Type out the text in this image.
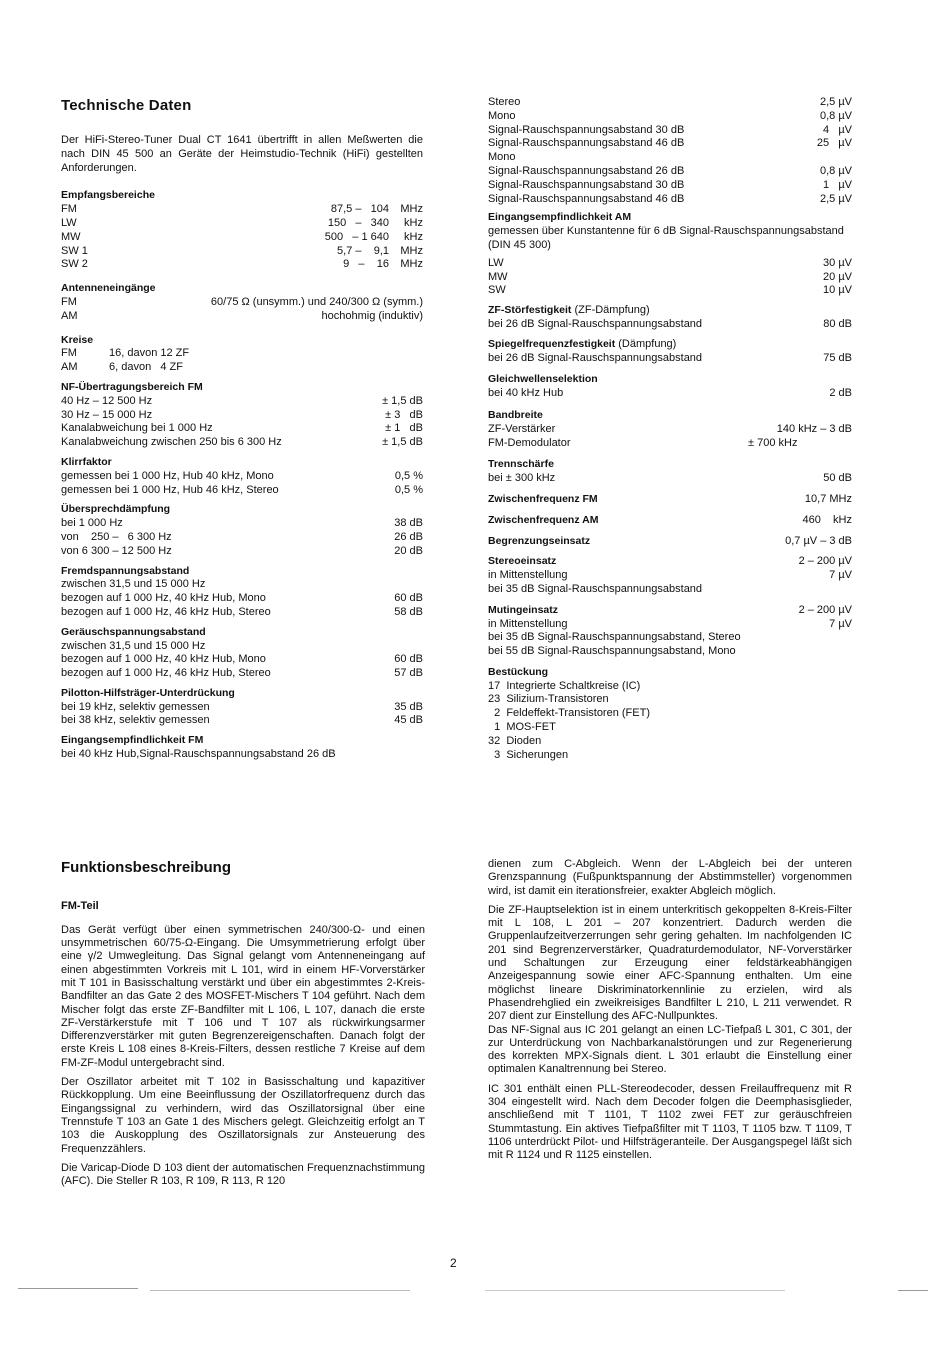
Technische Daten

Der HiFi-Stereo-Tuner Dual CT 1641 übertrifft in allen Meßwerten die nach DIN 45 500 an Geräte der Heimstudio-Technik (HiFi) gestellten Anforderungen.

Empfangsbereiche
FM	87,5 –   104	MHz
LW	150   –   340	kHz
MW	500   – 1 640	kHz
SW 1	5,7 –    9,1	MHz
SW 2	9   –    16	MHz
Antenneneingänge
FM	60/75 Ω (unsymm.) und 240/300 Ω (symm.)
AM	hochohmig (induktiv)
Kreise
FM	16, davon 12 ZF
AM	6, davon   4 ZF
NF-Übertragungsbereich FM
40 Hz – 12 500 Hz	± 1,5 dB
30 Hz – 15 000 Hz	± 3   dB
Kanalabweichung bei 1 000 Hz	± 1   dB
Kanalabweichung zwischen 250 bis 6 300 Hz	± 1,5 dB
Klirrfaktor
gemessen bei 1 000 Hz, Hub 40 kHz, Mono	0,5 %
gemessen bei 1 000 Hz, Hub 46 kHz, Stereo	0,5 %
Übersprechdämpfung
bei 1 000 Hz	38 dB
von    250 –   6 300 Hz	26 dB
von 6 300 – 12 500 Hz	20 dB
Fremdspannungsabstand
zwischen 31,5 und 15 000 Hz
bezogen auf 1 000 Hz, 40 kHz Hub, Mono	60 dB
bezogen auf 1 000 Hz, 46 kHz Hub, Stereo	58 dB
Geräuschspannungsabstand
zwischen 31,5 und 15 000 Hz
bezogen auf 1 000 Hz, 40 kHz Hub, Mono	60 dB
bezogen auf 1 000 Hz, 46 kHz Hub, Stereo	57 dB
Pilotton-Hilfsträger-Unterdrückung
bei 19 kHz, selektiv gemessen	35 dB
bei 38 kHz, selektiv gemessen	45 dB
Eingangsempfindlichkeit FM
bei 40 kHz Hub,Signal-Rauschspannungsabstand 26 dB
Stereo	2,5 µV
Mono	0,8 µV
Signal-Rauschspannungsabstand 30 dB	4   µV
Signal-Rauschspannungsabstand 46 dB	25   µV
Mono
Signal-Rauschspannungsabstand 26 dB	0,8 µV
Signal-Rauschspannungsabstand 30 dB	1   µV
Signal-Rauschspannungsabstand 46 dB	2,5 µV
Eingangsempfindlichkeit AM
gemessen über Kunstantenne für 6 dB Signal-Rauschspannungsabstand (DIN 45 300)
LW	30 µV
MW	20 µV
SW	10 µV
ZF-Störfestigkeit (ZF-Dämpfung)
bei 26 dB Signal-Rauschspannungsabstand	80 dB
Spiegelfrequenzfestigkeit (Dämpfung)
bei 26 dB Signal-Rauschspannungsabstand	75 dB
Gleichwellenselektion
bei 40 kHz Hub	2 dB
Bandbreite
ZF-Verstärker	140 kHz – 3 dB
FM-Demodulator	± 700 kHz
Trennschärfe
bei ± 300 kHz	50 dB
Zwischenfrequenz FM	10,7 MHz
Zwischenfrequenz AM	460    kHz
Begrenzungseinsatz	0,7 µV – 3 dB
Stereoeinsatz	2 – 200 µV
in Mittenstellung	7 µV
bei 35 dB Signal-Rauschspannungsabstand
Mutingeinsatz	2 – 200 µV
in Mittenstellung	7 µV
bei 35 dB Signal-Rauschspannungsabstand, Stereo
bei 55 dB Signal-Rauschspannungsabstand, Mono
Bestückung
17  Integrierte Schaltkreise (IC)
23  Silizium-Transistoren
2  Feldeffekt-Transistoren (FET)
1  MOS-FET
32  Dioden
3  Sicherungen
Funktionsbeschreibung
FM-Teil

Das Gerät verfügt über einen symmetrischen 240/300-Ω- und einen unsymmetrischen 60/75-Ω-Eingang. Die Umsymmetrierung erfolgt über eine γ/2 Umwegleitung. Das Signal gelangt vom Antenneneingang auf einen abgestimmten Vorkreis mit L 101, wird in einem HF-Vorverstärker mit T 101 in Basisschaltung verstärkt und über ein abgestimmtes 2-Kreis-Bandfilter an das Gate 2 des MOSFET-Mischers T 104 geführt. Nach dem Mischer folgt das erste ZF-Bandfilter mit L 106, L 107, danach die erste ZF-Verstärkerstufe mit T 106 und T 107 als rückwirkungsarmer Differenzverstärker mit guten Begrenzereigenschaften. Danach folgt der erste Kreis L 108 eines 8-Kreis-Filters, dessen restliche 7 Kreise auf dem FM-ZF-Modul untergebracht sind.

Der Oszillator arbeitet mit T 102 in Basisschaltung und kapazitiver Rückkopplung. Um eine Beeinflussung der Oszillatorfrequenz durch das Eingangssignal zu verhindern, wird das Oszillatorsignal über eine Trennstufe T 103 an Gate 1 des Mischers gelegt. Gleichzeitig erfolgt an T 103 die Auskopplung des Oszillatorsignals zur Ansteuerung des Frequenzzählers.

Die Varicap-Diode D 103 dient der automatischen Frequenznachstimmung (AFC). Die Steller R 103, R 109, R 113, R 120

dienen zum C-Abgleich. Wenn der L-Abgleich bei der unteren Grenzspannung (Fußpunktspannung der Abstimmsteller) vorgenommen wird, ist damit ein iterationsfreier, exakter Abgleich möglich.

Die ZF-Hauptselektion ist in einem unterkritisch gekoppelten 8-Kreis-Filter mit L 108, L 201 – 207 konzentriert. Dadurch werden die Gruppenlaufzeitverzerrungen sehr gering gehalten. Im nachfolgenden IC 201 sind Begrenzerverstärker, Quadraturdemodulator, NF-Vorverstärker und Schaltungen zur Erzeugung einer feldstärkeabhängigen Anzeigespannung sowie einer AFC-Spannung enthalten. Um eine möglichst lineare Diskriminatorkennlinie zu erzielen, wird als Phasendrehglied ein zweikreisiges Bandfilter L 210, L 211 verwendet. R 207 dient zur Einstellung des AFC-Nullpunktes.
Das NF-Signal aus IC 201 gelangt an einen LC-Tiefpaß L 301, C 301, der zur Unterdrückung von Nachbarkanalstörungen und zur Regenerierung des korrekten MPX-Signals dient. L 301 erlaubt die Einstellung einer optimalen Kanaltrennung bei Stereo.

IC 301 enthält einen PLL-Stereodecoder, dessen Freilauffrequenz mit R 304 eingestellt wird. Nach dem Decoder folgen die Deemphasisglieder, anschließend mit T 1101, T 1102 zwei FET zur geräuschfreien Stummtastung. Ein aktives Tiefpaßfilter mit T 1103, T 1105 bzw. T 1109, T 1106 unterdrückt Pilot- und Hilfsträgeranteile. Der Ausgangspegel läßt sich mit R 1124 und R 1125 einstellen.

2
